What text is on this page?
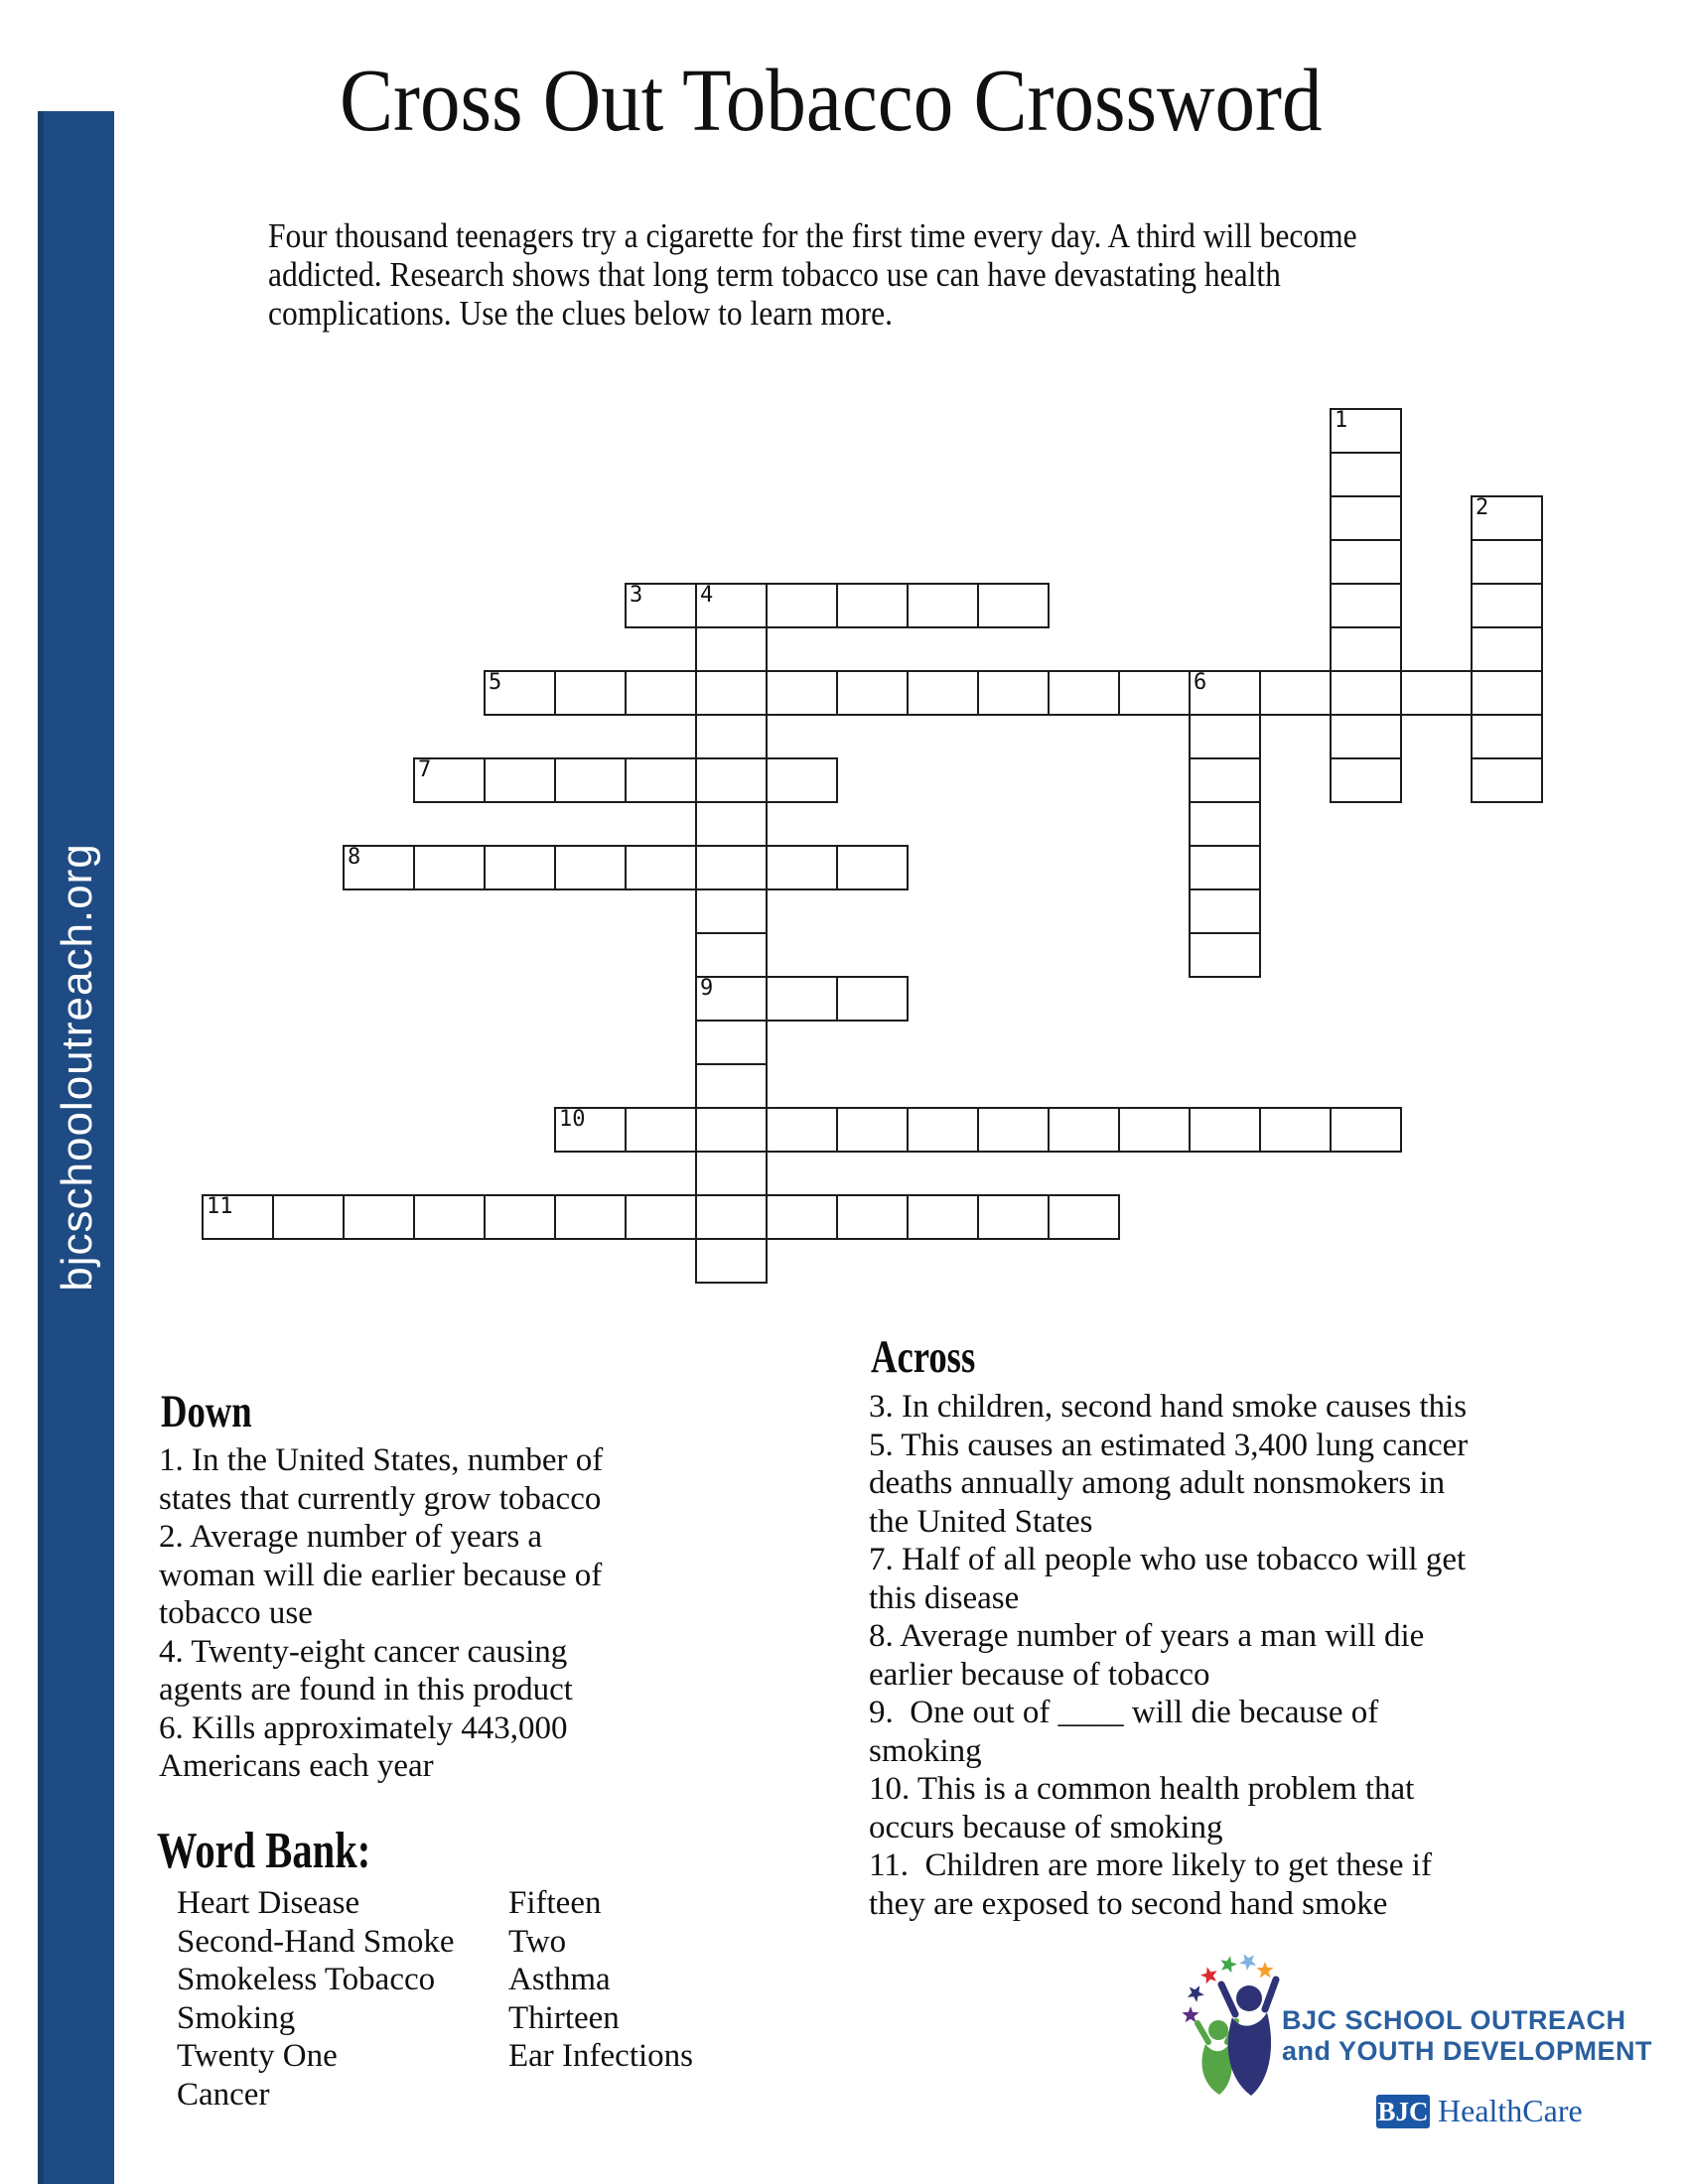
bjcschooloutreach.org
Cross Out Tobacco Crossword
Four thousand teenagers try a cigarette for the first time every day. A third will become
addicted. Research shows that long term tobacco use can have devastating health
complications. Use the clues below to learn more.
1
2
3	4
9
5	6
7
8
10
11
Down
1. In the United States, number of
states that currently grow tobacco
2. Average number of years a
woman will die earlier because of
tobacco use
4. Twenty-eight cancer causing
agents are found in this product
6. Kills approximately 443,000
Americans each year
Across
3. In children, second hand smoke causes this
5. This causes an estimated 3,400 lung cancer
deaths annually among adult nonsmokers in
the United States
7. Half of all people who use tobacco will get
this disease
8. Average number of years a man will die
earlier because of tobacco
9.  One out of ____ will die because of
smoking
10. This is a common health problem that
occurs because of smoking
11.  Children are more likely to get these if
they are exposed to second hand smoke
Word Bank:
Heart Disease
Second-Hand Smoke
Smokeless Tobacco
Smoking
Twenty One
Cancer
Fifteen
Two
Asthma
Thirteen
Ear Infections
BJC SCHOOL OUTREACH
and YOUTH DEVELOPMENT
BJC HealthCare
